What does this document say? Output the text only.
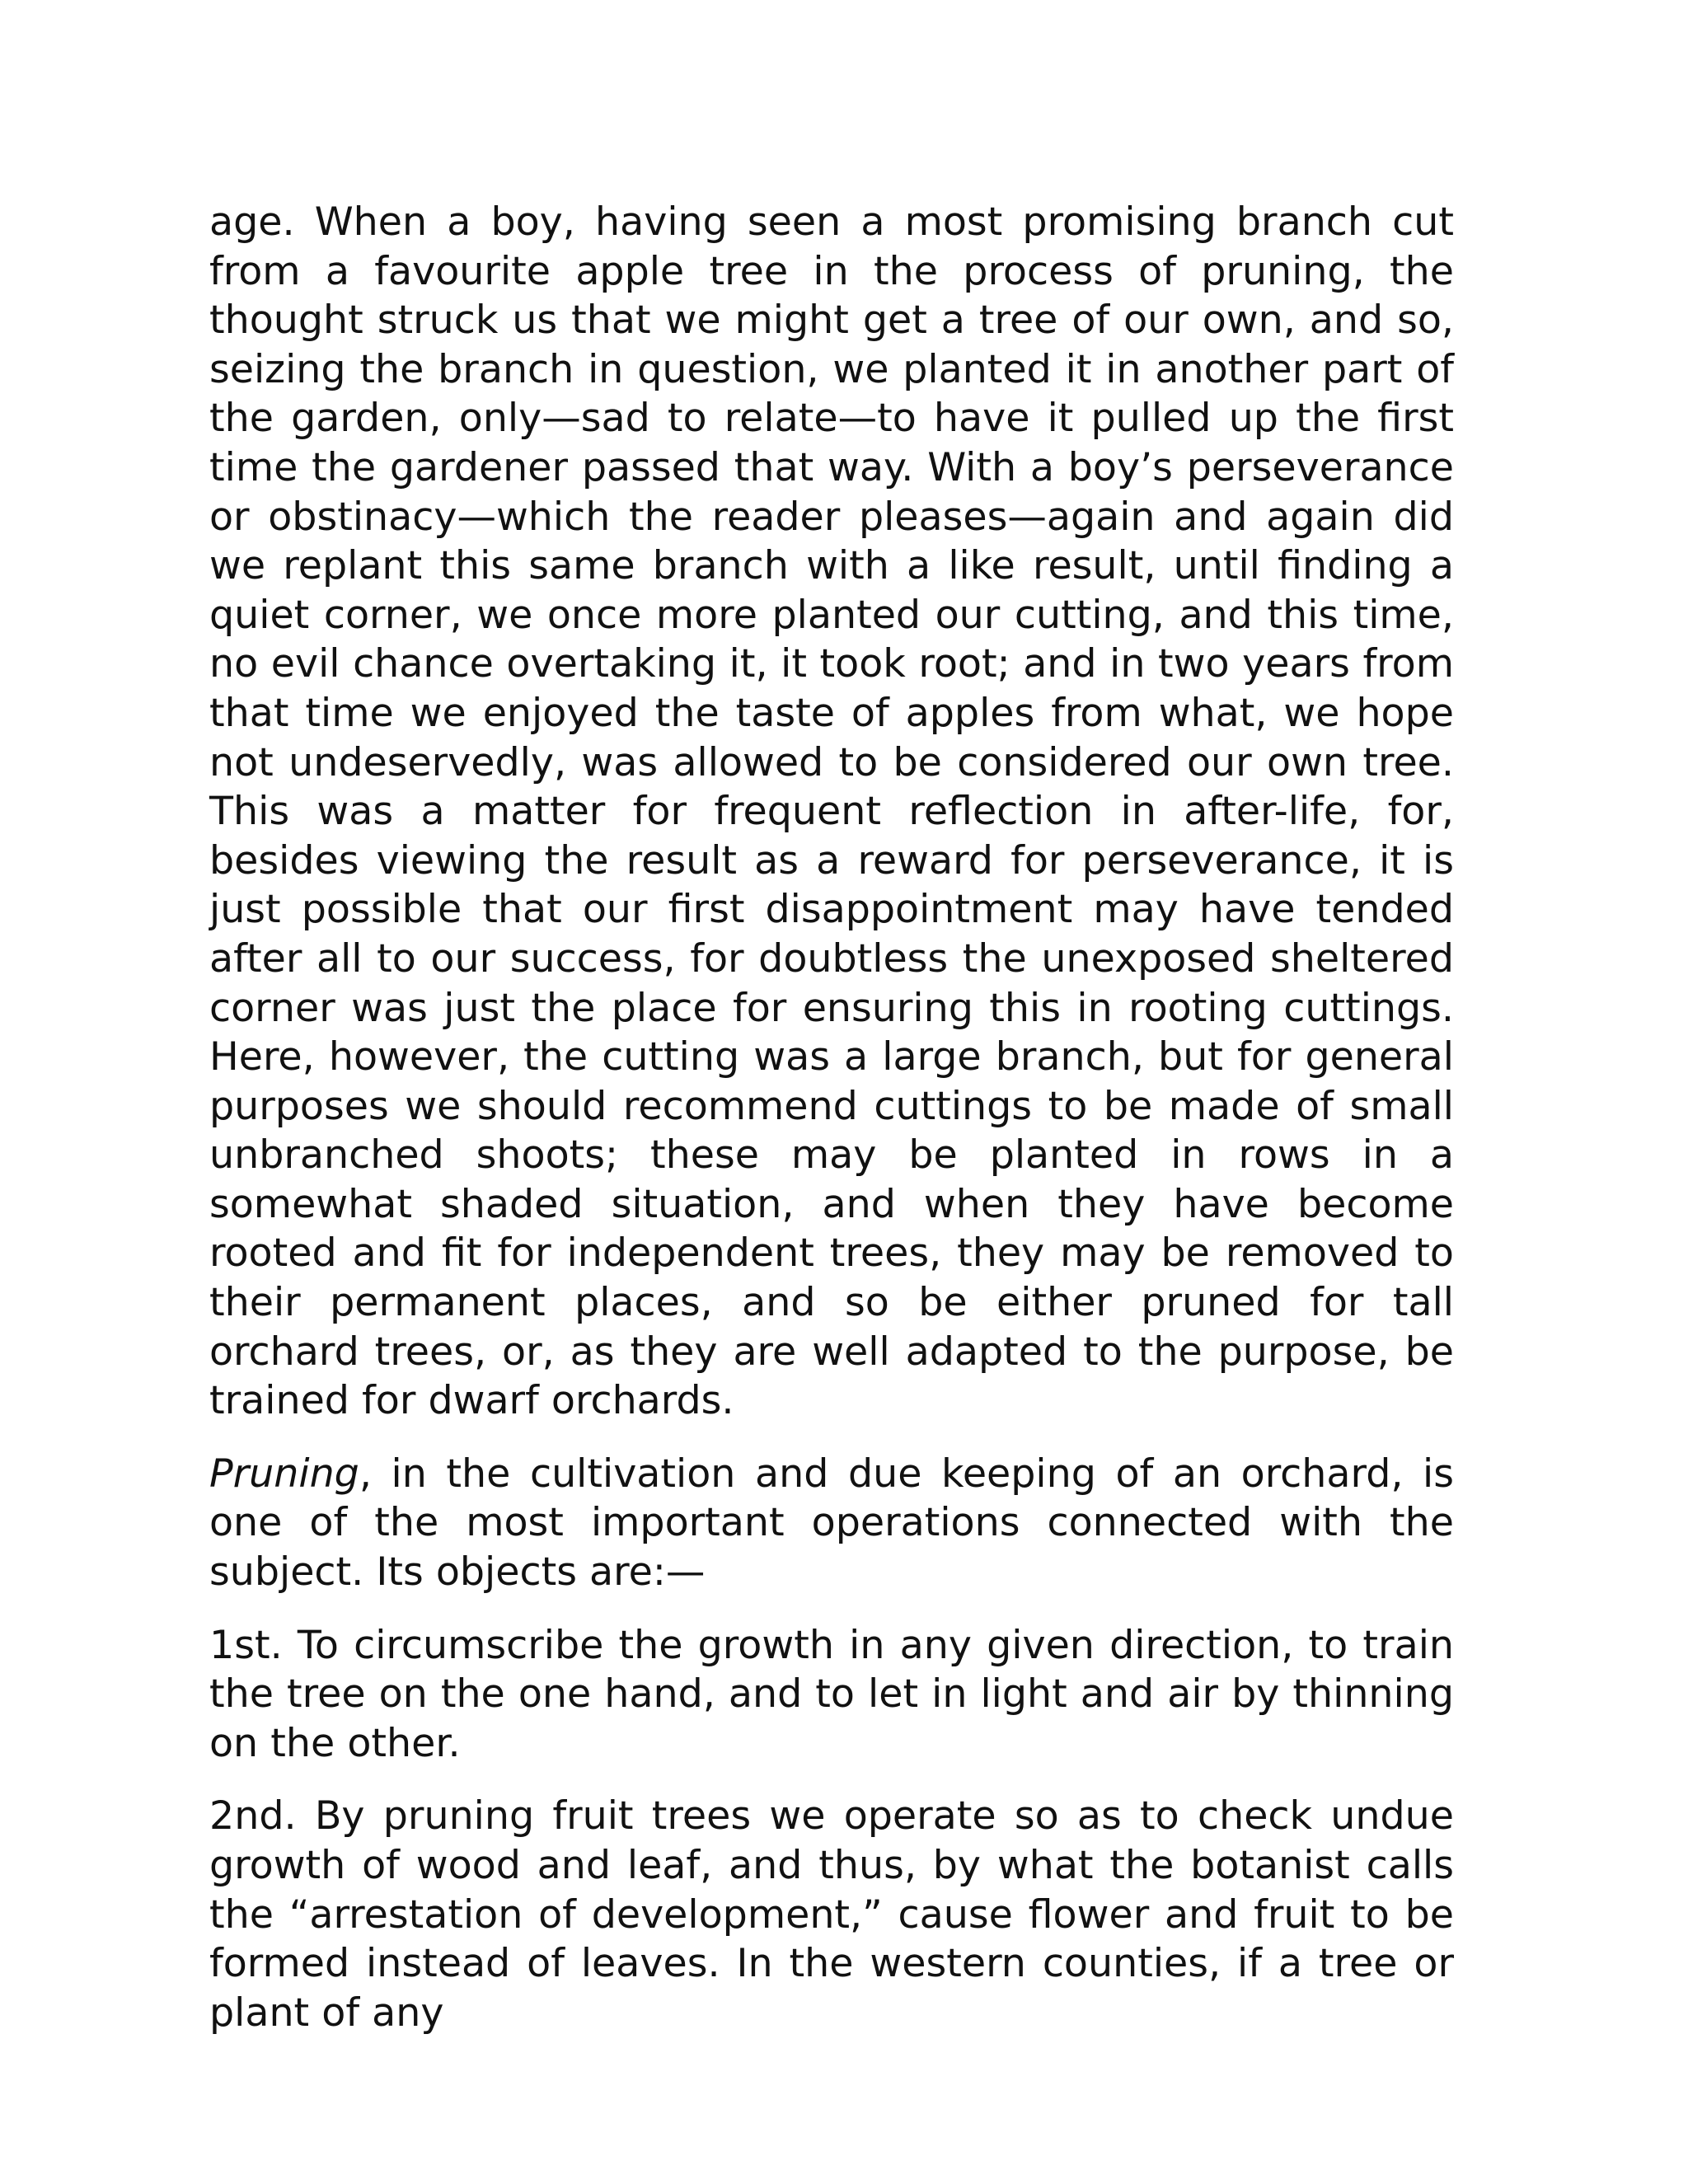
age. When a boy, having seen a most promising branch cut from a favourite apple tree in the process of pruning, the thought struck us that we might get a tree of our own, and so, seizing the branch in question, we planted it in another part of the garden, only—sad to relate—to have it pulled up the first time the gardener passed that way. With a boy’s perseverance or obstinacy—which the reader pleases—again and again did we replant this same branch with a like result, until finding a quiet corner, we once more planted our cutting, and this time, no evil chance overtaking it, it took root; and in two years from that time we enjoyed the taste of apples from what, we hope not undeservedly, was allowed to be considered our own tree. This was a matter for frequent reflection in after-life, for, besides viewing the result as a reward for perseverance, it is just possible that our first disappointment may have tended after all to our success, for doubtless the unexposed sheltered corner was just the place for ensuring this in rooting cuttings. Here, however, the cutting was a large branch, but for general purposes we should recommend cuttings to be made of small unbranched shoots; these may be planted in rows in a somewhat shaded situation, and when they have become rooted and fit for independent trees, they may be removed to their permanent places, and so be either pruned for tall orchard trees, or, as they are well adapted to the purpose, be trained for dwarf orchards.

Pruning, in the cultivation and due keeping of an orchard, is one of the most important operations connected with the subject. Its objects are:—

1st. To circumscribe the growth in any given direction, to train the tree on the one hand, and to let in light and air by thinning on the other.

2nd. By pruning fruit trees we operate so as to check undue growth of wood and leaf, and thus, by what the botanist calls the “arrestation of development,” cause flower and fruit to be formed instead of leaves. In the western counties, if a tree or plant of any
